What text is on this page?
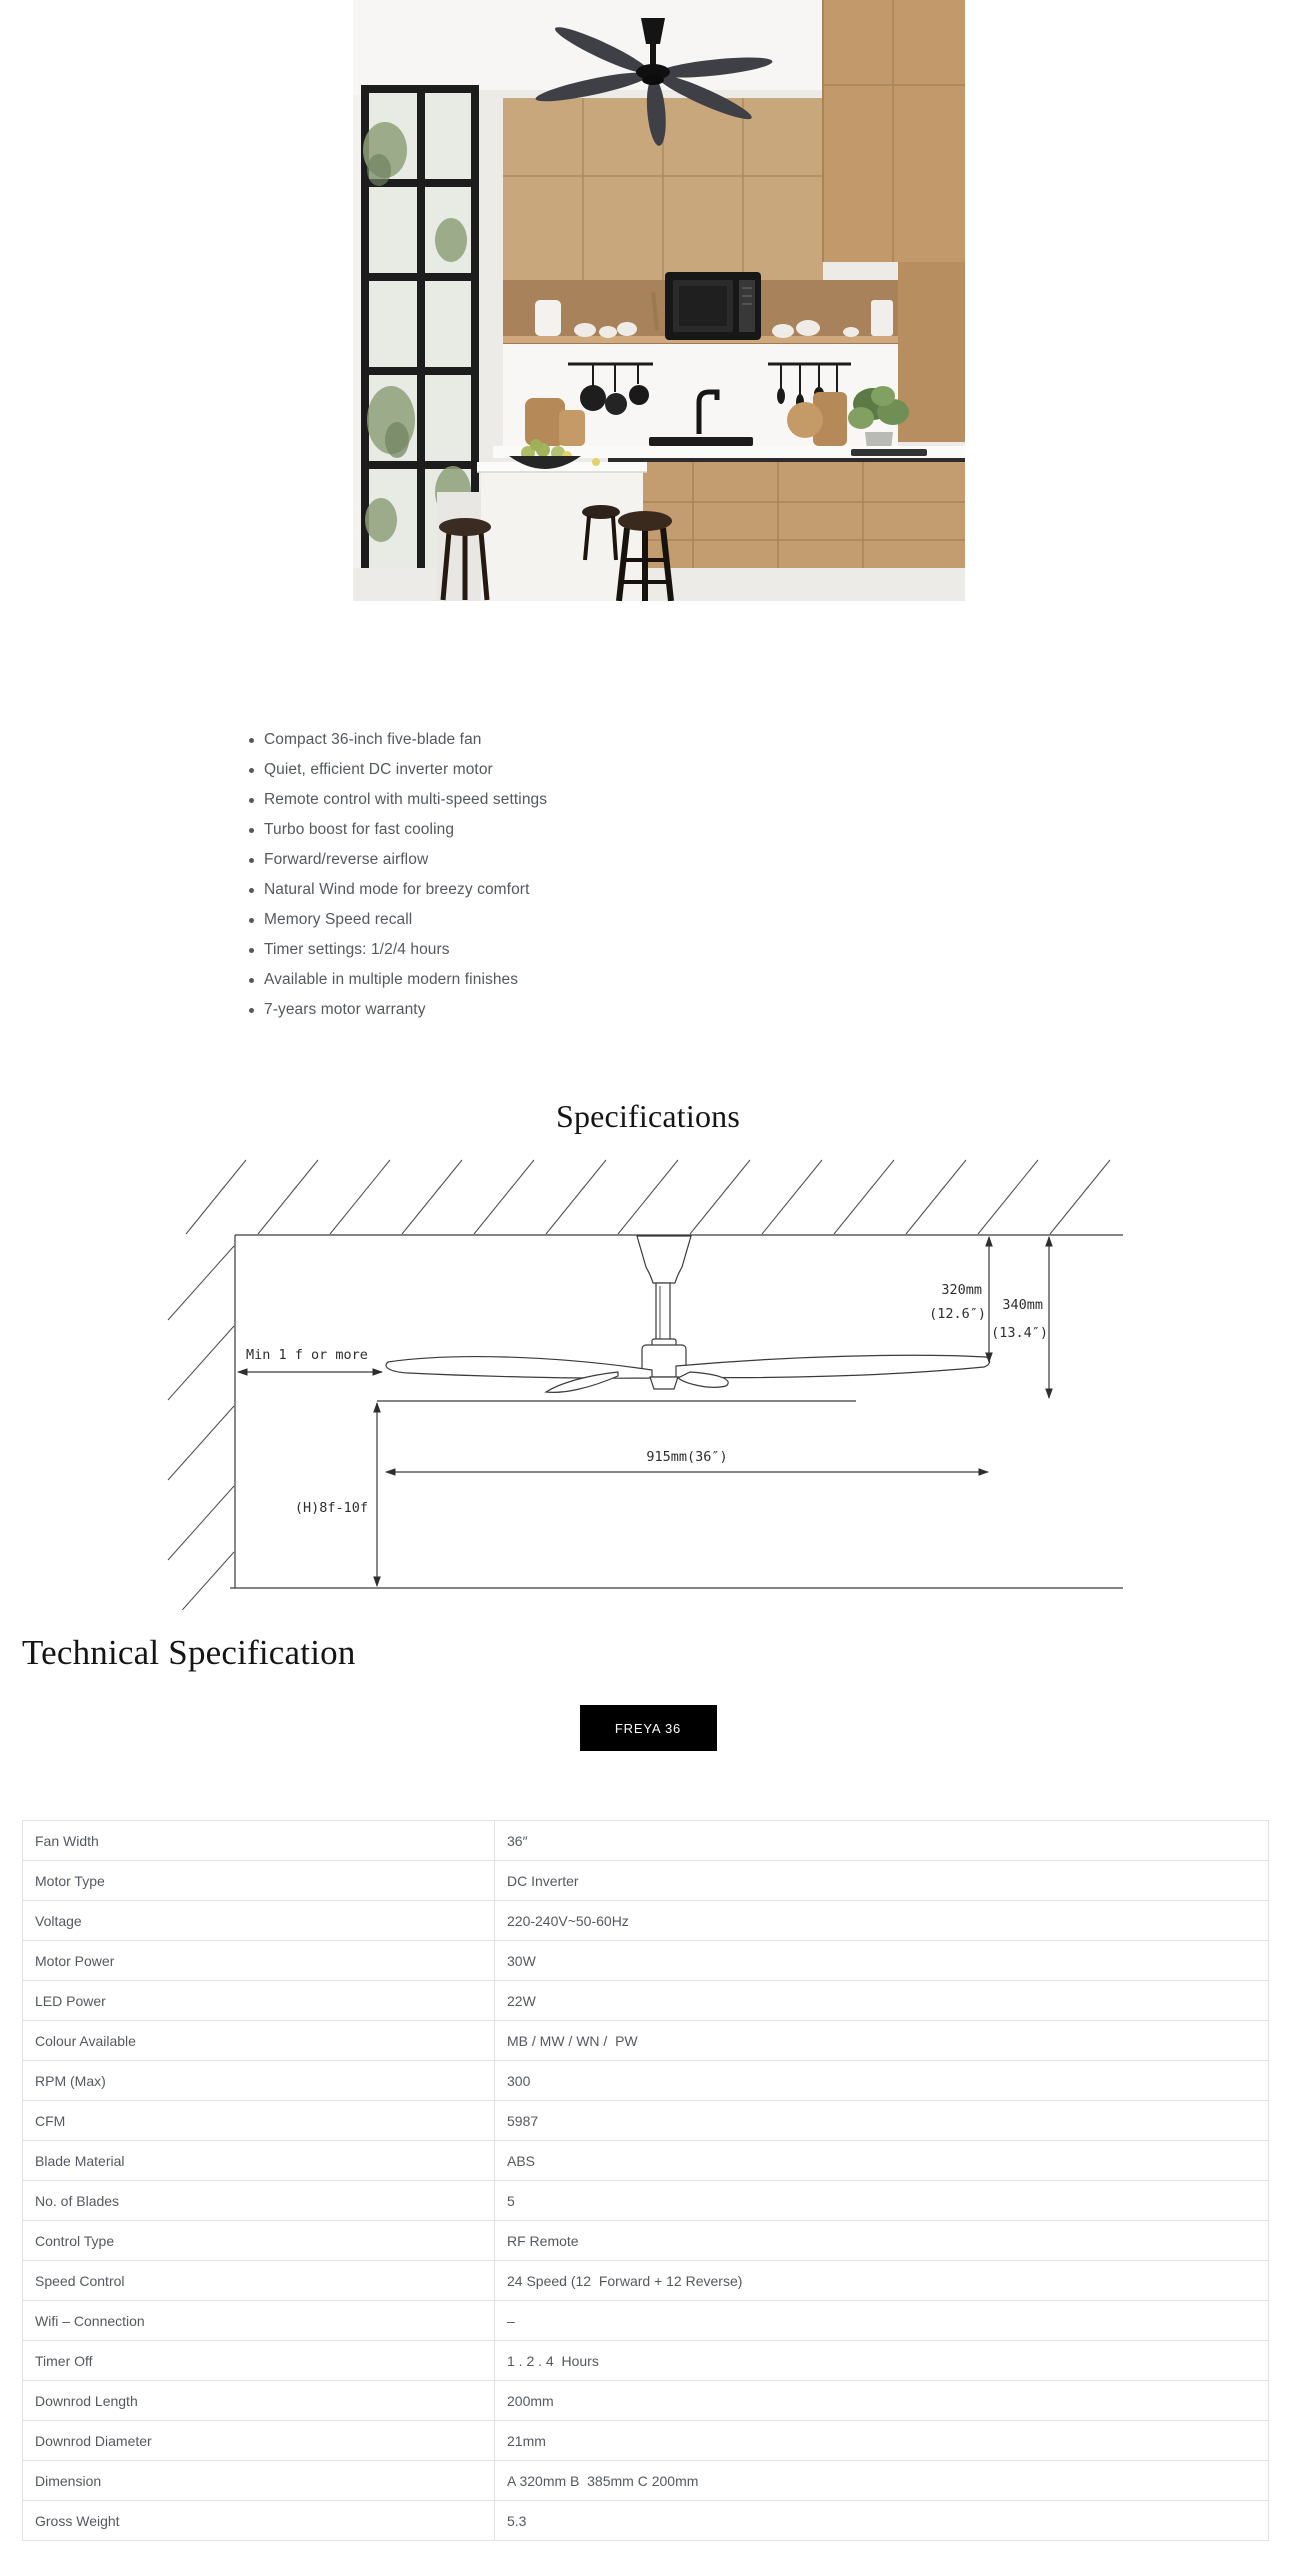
Compact 36-inch five-blade fan
Quiet, efficient DC inverter motor
Remote control with multi-speed settings
Turbo boost for fast cooling
Forward/reverse airflow
Natural Wind mode for breezy comfort
Memory Speed recall
Timer settings: 1/2/4 hours
Available in multiple modern finishes
7-years motor warranty
Specifications
Min 1 f or more
320mm
(12.6″)
340mm
(13.4″)
915mm(36″)
(H)8f-10f
Technical Specification
FREYA 36
Fan Width	36″
Motor Type	DC Inverter
Voltage	220-240V~50-60Hz
Motor Power	30W
LED Power	22W
Colour Available	MB / MW / WN /  PW
RPM (Max)	300
CFM	5987
Blade Material	ABS
No. of Blades	5
Control Type	RF Remote
Speed Control	24 Speed (12  Forward + 12 Reverse)
Wifi – Connection	–
Timer Off	1 . 2 . 4  Hours
Downrod Length	200mm
Downrod Diameter	21mm
Dimension	A 320mm B  385mm C 200mm
Gross Weight	5.3
